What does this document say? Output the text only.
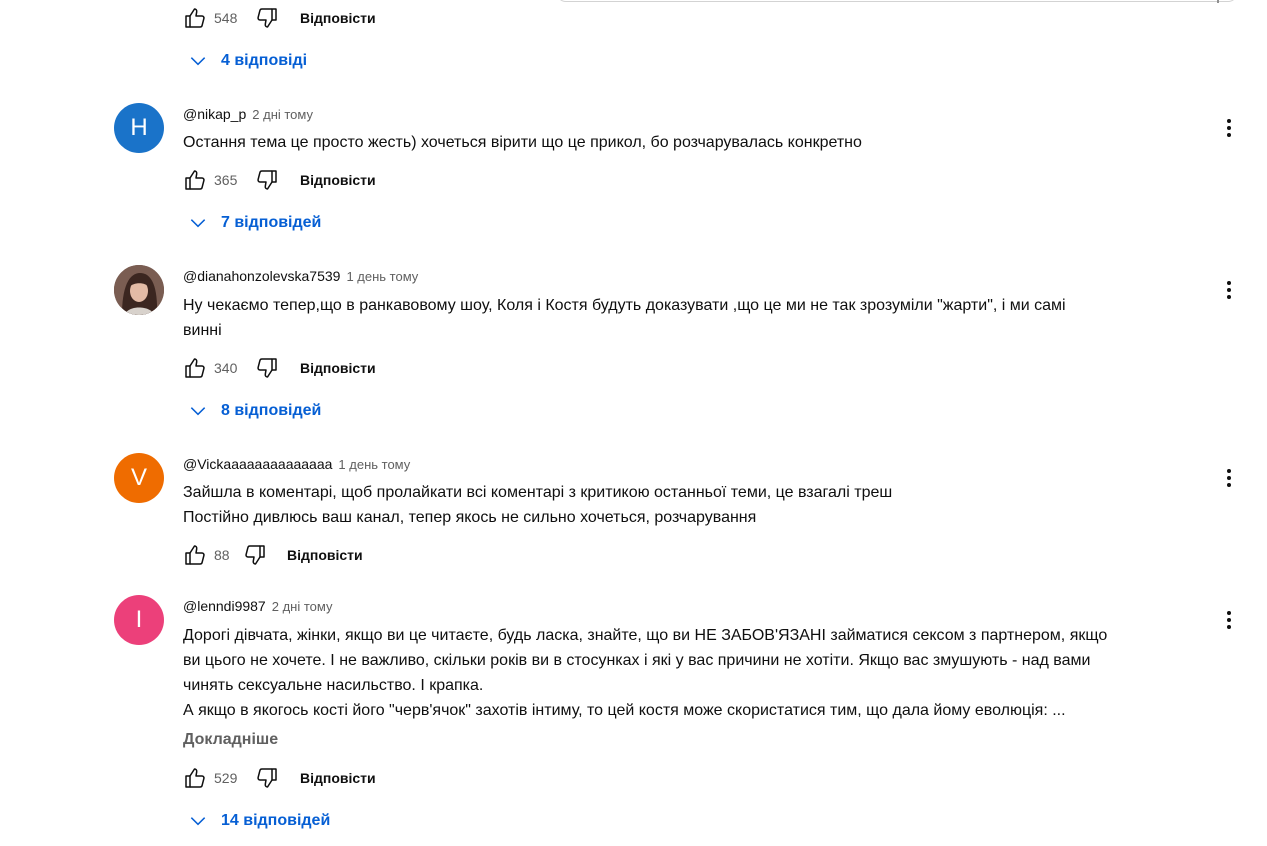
548	Відповісти
4 відповіді
H	@nikap_p 2 дні тому

Остання тема це просто жесть) хочеться вірити що це прикол, бо розчарувалась конкретно

365	Відповісти
7 відповідей
@dianahonzolevska7539 1 день тому

Ну чекаємо тепер,що в ранкавовому шоу, Коля і Костя будуть доказувати ,що це ми не так зрозуміли "жарти", і ми самі

винні

340	Відповісти
8 відповідей
V	@Vickaaaaaaaaaaaaaa 1 день тому

Зайшла в коментарі, щоб пролайкати всі коментарі з критикою останньої теми, це взагалі треш

Постійно дивлюсь ваш канал, тепер якось не сильно хочеться, розчарування

88	Відповісти
I	@lenndi9987 2 дні тому

Дорогі дівчата, жінки, якщо ви це читаєте, будь ласка, знайте, що ви НЕ ЗАБОВ'ЯЗАНІ займатися сексом з партнером, якщо

ви цього не хочете. І не важливо, скільки років ви в стосунках і які у вас причини не хотіти. Якщо вас змушують - над вами

чинять сексуальне насильство. І крапка.

А якщо в якогось кості його "черв'ячок" захотів інтиму, то цей костя може скористатися тим, що дала йому еволюція: ...

Докладніше
529	Відповісти
14 відповідей
